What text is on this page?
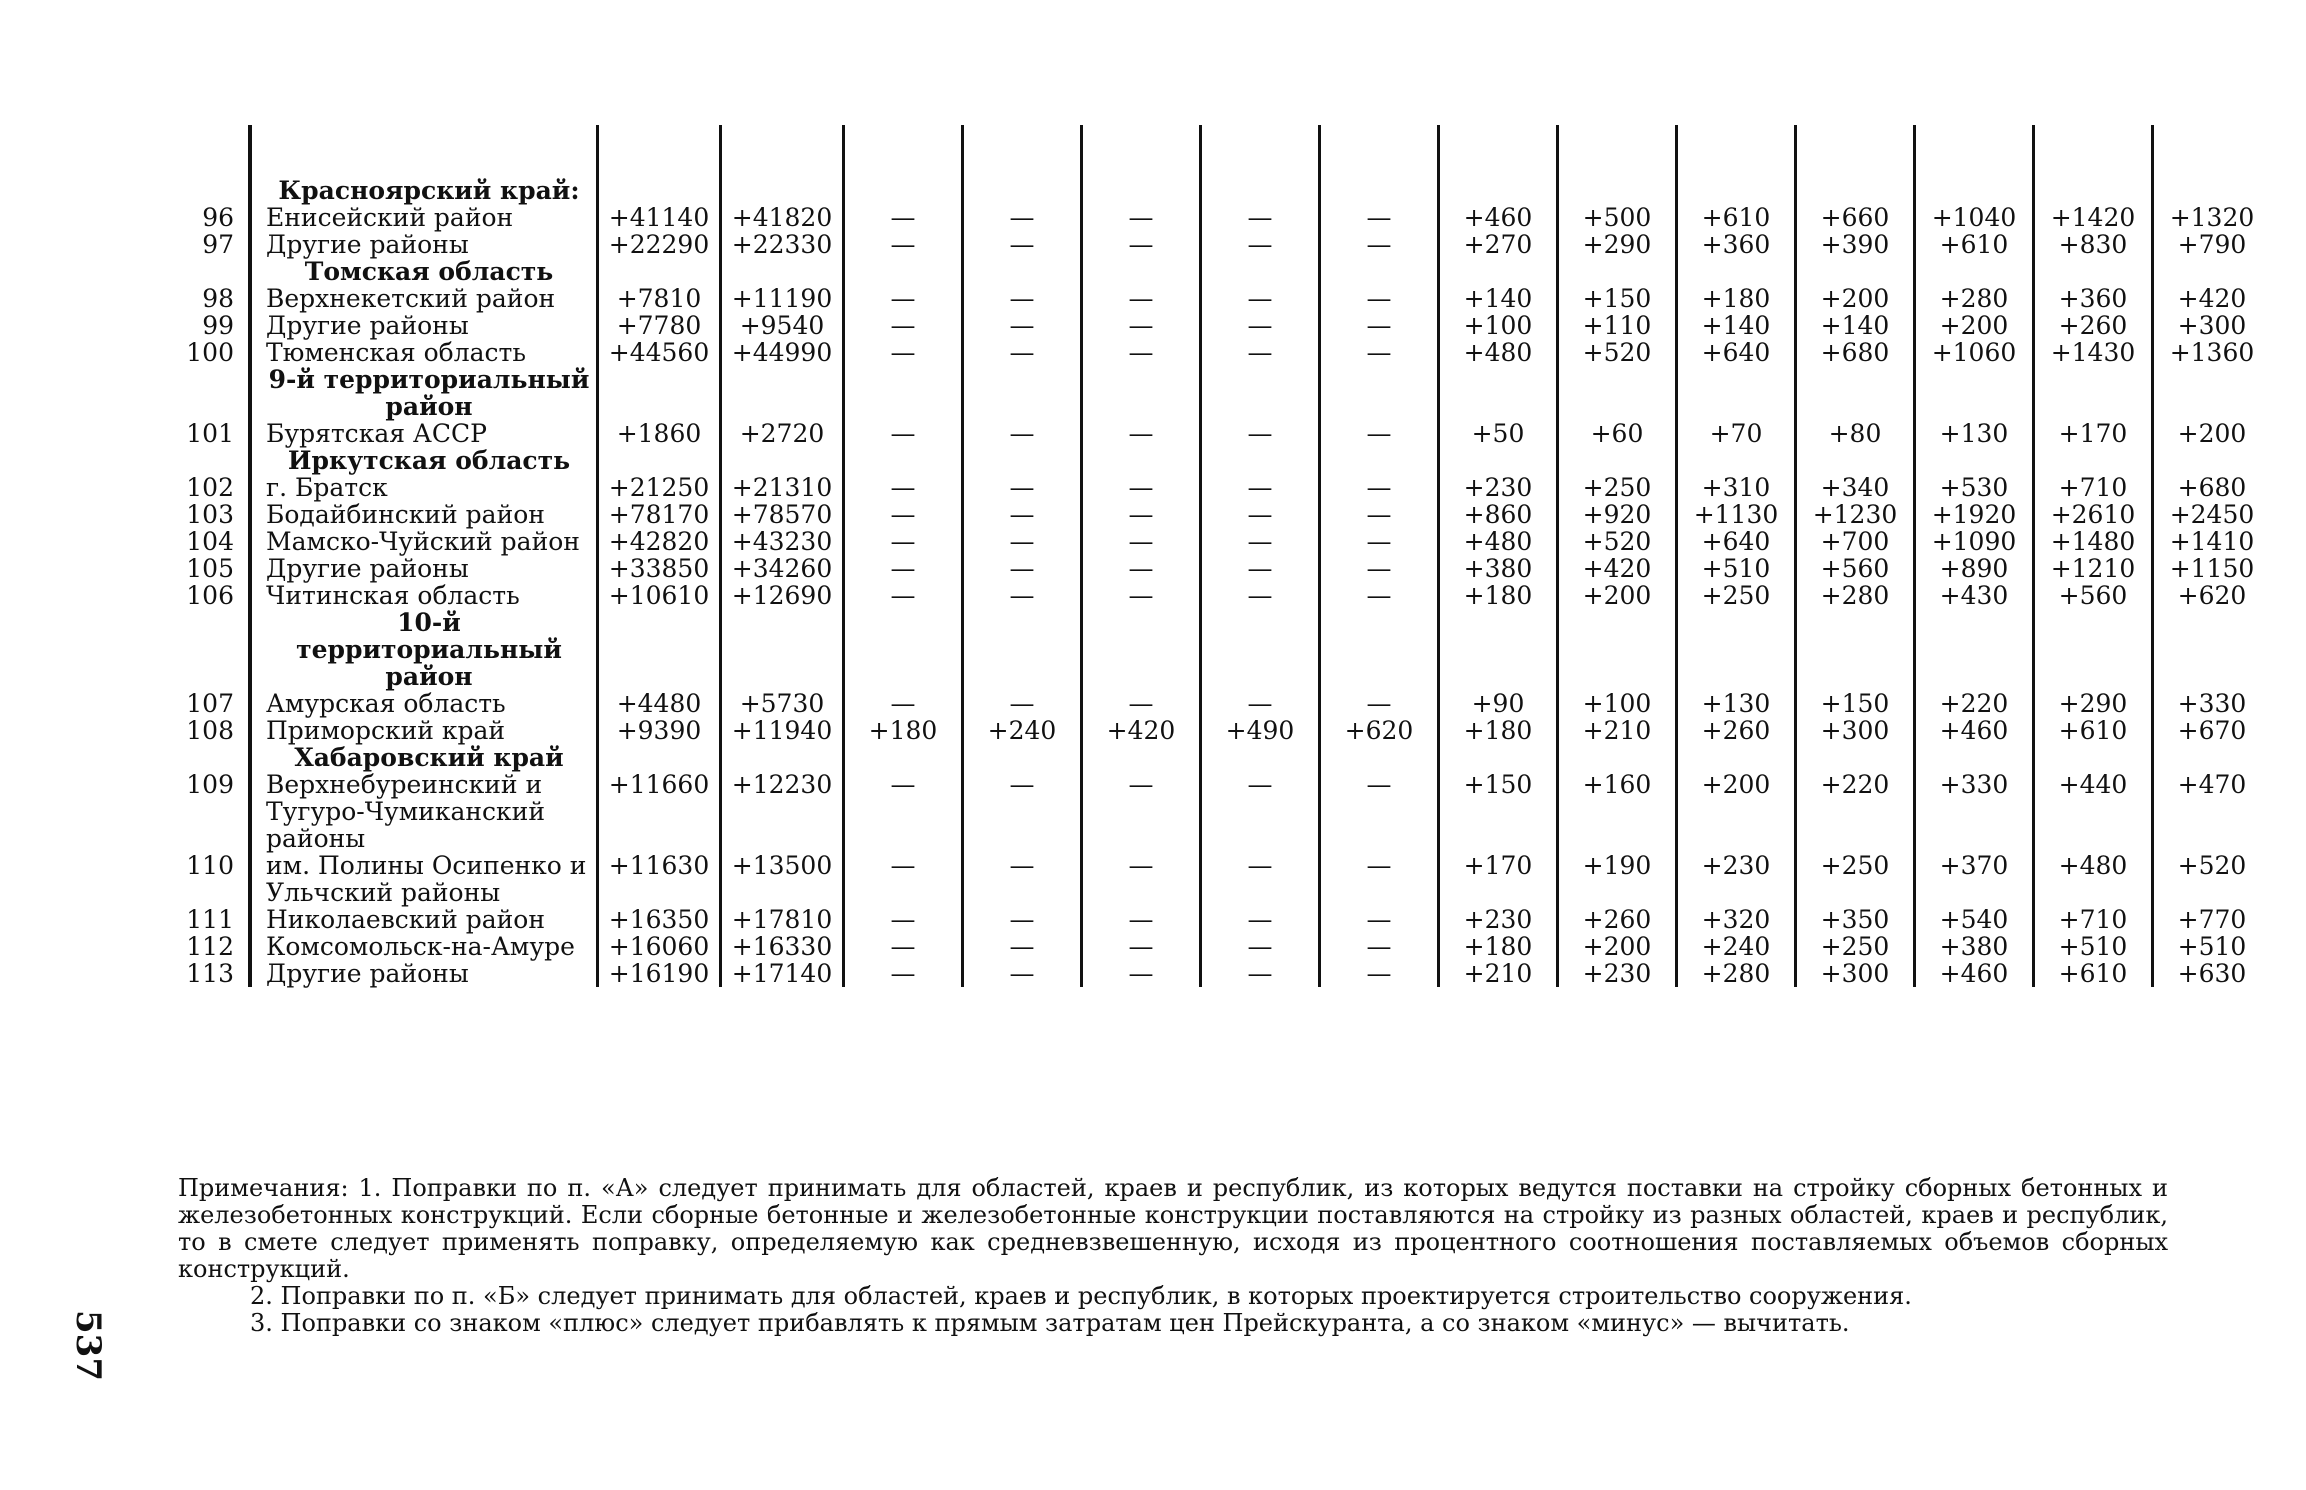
	Красноярский край:														
96	Енисейский район	+41140	+41820	—	—	—	—	—	+460	+500	+610	+660	+1040	+1420	+1320
97	Другие районы	+22290	+22330	—	—	—	—	—	+270	+290	+360	+390	+610	+830	+790
	Томская область														
98	Верхнекетский район	+7810	+11190	—	—	—	—	—	+140	+150	+180	+200	+280	+360	+420
99	Другие районы	+7780	+9540	—	—	—	—	—	+100	+110	+140	+140	+200	+260	+300
100	Тюменская область	+44560	+44990	—	—	—	—	—	+480	+520	+640	+680	+1060	+1430	+1360
	9-й территориальный район														
101	Бурятская АССР	+1860	+2720	—	—	—	—	—	+50	+60	+70	+80	+130	+170	+200
	Иркутская область														
102	г. Братск	+21250	+21310	—	—	—	—	—	+230	+250	+310	+340	+530	+710	+680
103	Бодайбинский район	+78170	+78570	—	—	—	—	—	+860	+920	+1130	+1230	+1920	+2610	+2450
104	Мамско-Чуйский район	+42820	+43230	—	—	—	—	—	+480	+520	+640	+700	+1090	+1480	+1410
105	Другие районы	+33850	+34260	—	—	—	—	—	+380	+420	+510	+560	+890	+1210	+1150
106	Читинская область	+10610	+12690	—	—	—	—	—	+180	+200	+250	+280	+430	+560	+620
	10-й территориальный район														
107	Амурская область	+4480	+5730	—	—	—	—	—	+90	+100	+130	+150	+220	+290	+330
108	Приморский край	+9390	+11940	+180	+240	+420	+490	+620	+180	+210	+260	+300	+460	+610	+670
	Хабаровский край														
109	Верхнебуреинский и Тугуро-Чумиканский районы	+11660	+12230	—	—	—	—	—	+150	+160	+200	+220	+330	+440	+470
110	им. Полины Осипенко и Ульчский районы	+11630	+13500	—	—	—	—	—	+170	+190	+230	+250	+370	+480	+520
111	Николаевский район	+16350	+17810	—	—	—	—	—	+230	+260	+320	+350	+540	+710	+770
112	Комсомольск-на-Амуре	+16060	+16330	—	—	—	—	—	+180	+200	+240	+250	+380	+510	+510
113	Другие районы	+16190	+17140	—	—	—	—	—	+210	+230	+280	+300	+460	+610	+630

Примечания: 1. Поправки по п. «А» следует принимать для областей, краев и республик, из которых ведутся поставки на стройку сборных бетонных и железобетонных конструкций. Если сборные бетонные и железобетонные конструкции поставляются на стройку из разных областей, краев и республик, то в смете следует применять поправку, определяемую как средневзвешенную, исходя из процентного соотношения поставляемых объемов сборных конструкций.

2. Поправки по п. «Б» следует принимать для областей, краев и республик, в которых проектируется строительство сооружения.

3. Поправки со знаком «плюс» следует прибавлять к прямым затратам цен Прейскуранта, а со знаком «минус» — вычитать.

537
